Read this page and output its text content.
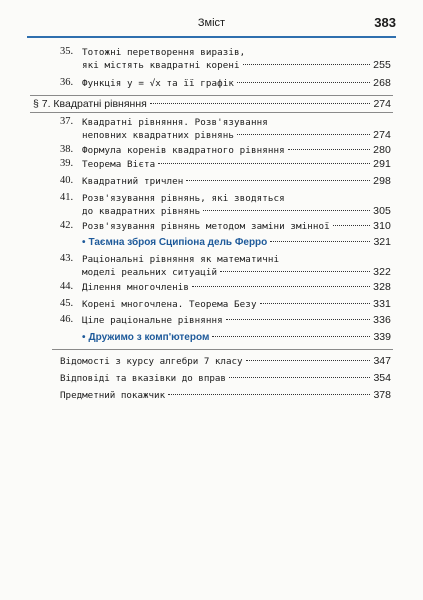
Зміст	383
35. Тотожні перетворення виразів,
які містять квадратні корені	255
36. Функція y = √x та її графік	268
§ 7. Квадратні рівняння	274
37. Квадратні рівняння. Розв'язування
неповних квадратних рівнянь	274
38. Формула коренів квадратного рівняння	280
39. Теорема Вієта	291
40. Квадратний тричлен	298
41. Розв'язування рівнянь, які зводяться
до квадратних рівнянь	305
42. Розв'язування рівнянь методом заміни змінної	310
• Таємна зброя Сципіона дель Ферро	321
43. Раціональні рівняння як математичні
моделі реальних ситуацій	322
44. Ділення многочленів	328
45. Корені многочлена. Теорема Безу	331
46. Ціле раціональне рівняння	336
• Дружимо з комп'ютером	339
Відомості з курсу алгебри 7 класу	347
Відповіді та вказівки до вправ	354
Предметний покажчик	378
